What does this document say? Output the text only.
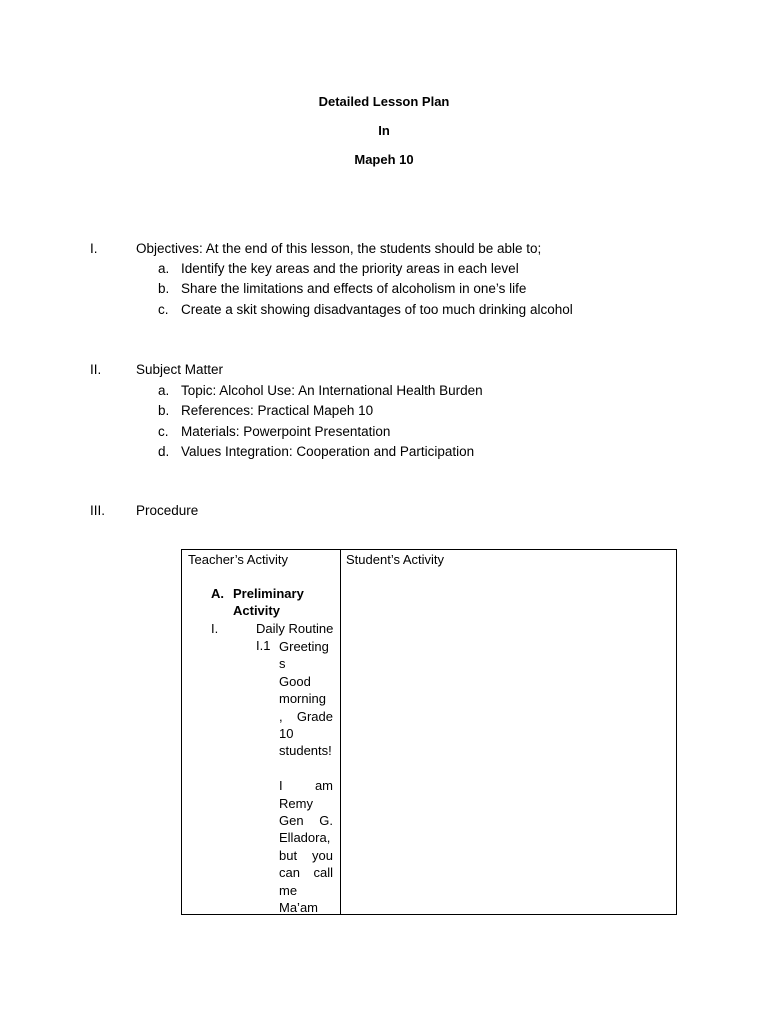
Detailed Lesson Plan
In
Mapeh 10
I.	Objectives: At the end of this lesson, the students should be able to;
a. Identify the key areas and the priority areas in each level
b. Share the limitations and effects of alcoholism in one’s life
c. Create a skit showing disadvantages of too much drinking alcohol
II.	Subject Matter
a. Topic: Alcohol Use: An International Health Burden
b. References: Practical Mapeh 10
c. Materials: Powerpoint Presentation
d. Values Integration: Cooperation and Participation
III. Procedure
Teacher’s Activity	Student’s Activity
A. Preliminary
Activity
I.	Daily Routine
I.1 Greeting
s
Good
morning
, Grade
10
students!

I am
Remy
Gen G.
Elladora,
but you
can call
me
Ma’am
